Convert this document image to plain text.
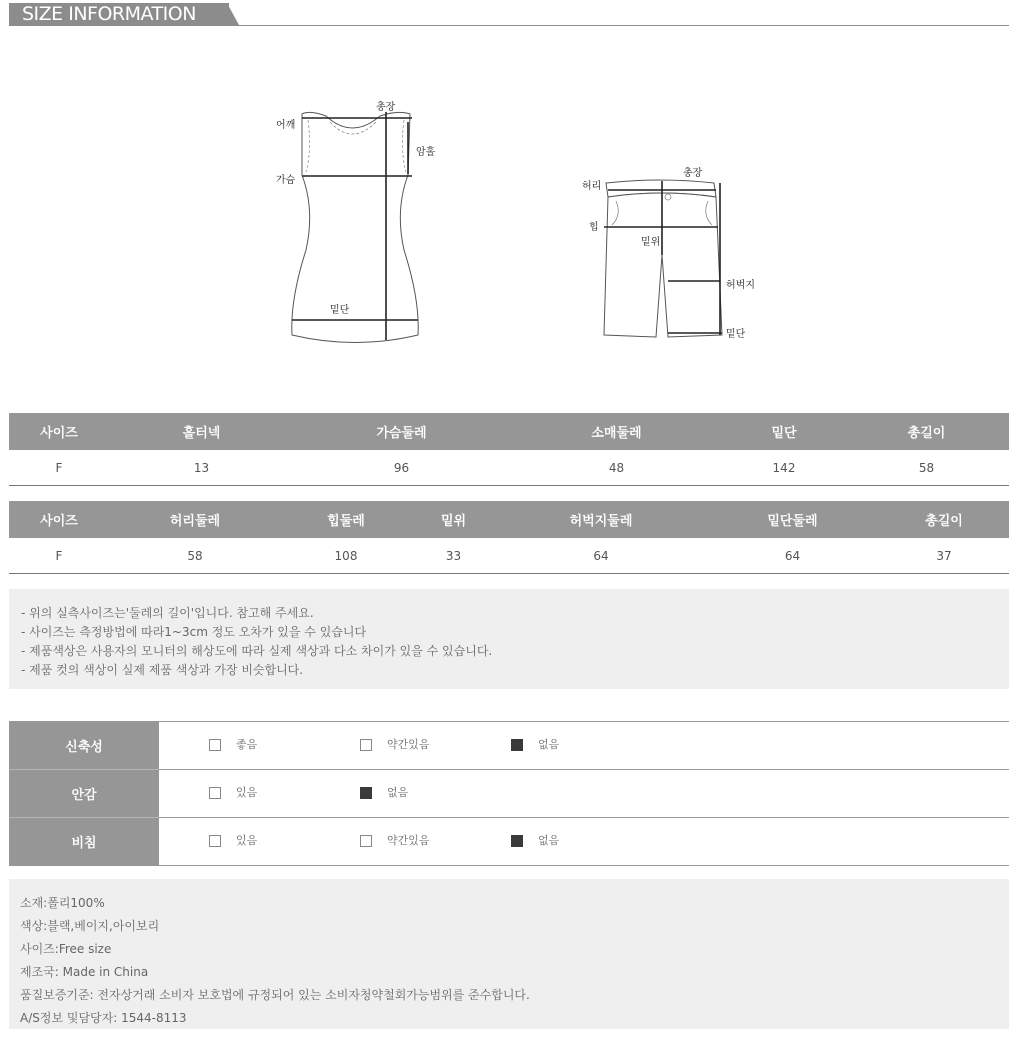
SIZE INFORMATION
어깨
총장
암홀
가슴
밑단
허리
총장
힙
밑위
허벅지
밑단
사이즈	홀터넥	가슴둘레	소매둘레	밑단	총길이
F	13	96	48	142	58
사이즈	허리둘레	힙둘레	밑위	허벅지둘레	밑단둘레	총길이
F	58	108	33	64	64	37
- 위의 실측사이즈는'둘레의 길이'입니다. 참고해 주세요.
- 사이즈는 측정방법에 따라1~3cm 정도 오차가 있을 수 있습니다
- 제품색상은 사용자의 모니터의 해상도에 따라 실제 색상과 다소 차이가 있을 수 있습니다.
- 제품 컷의 색상이 실제 제품 색상과 가장 비슷합니다.
신축성	좋음 약간있음 없음

안감	있음 없음

비침	있음 약간있음 없음
소재:폴리100%
색상:블랙,베이지,아이보리
사이즈:Free size
제조국: Made in China
품질보증기준: 전자상거래 소비자 보호법에 규정되어 있는 소비자청약철회가능범위를 준수합니다.
A/S정보 및담당자: 1544-8113
